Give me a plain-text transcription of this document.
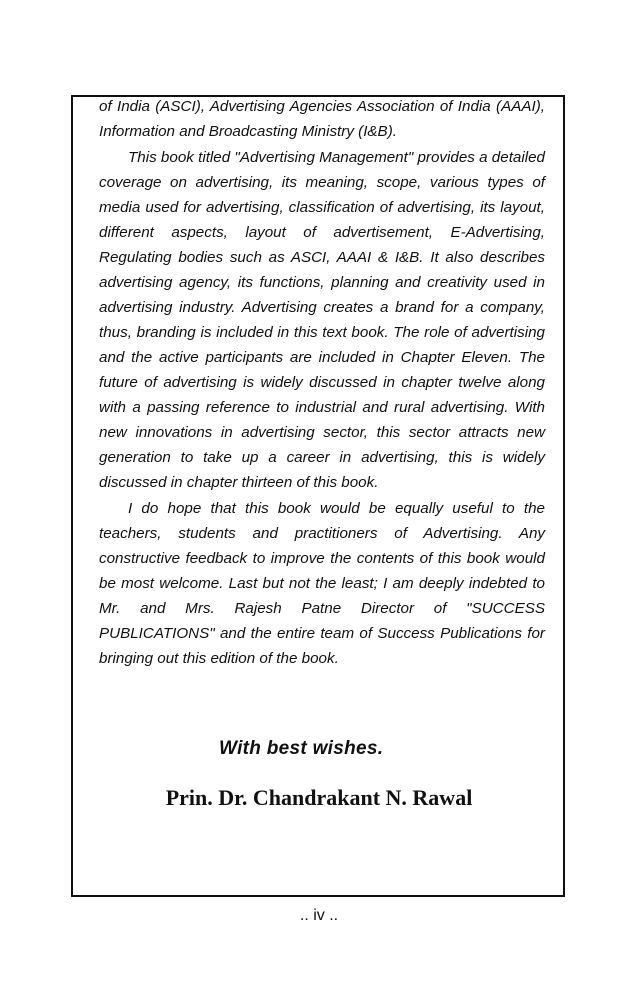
of India (ASCI), Advertising Agencies Association of India (AAAI), Information and Broadcasting Ministry (I&B).

This book titled "Advertising Management" provides a detailed coverage on advertising, its meaning, scope, various types of media used for advertising, classification of advertising, its layout, different aspects, layout of advertisement, E-Advertising, Regulating bodies such as ASCI, AAAI & I&B. It also describes advertising agency, its functions, planning and creativity used in advertising industry. Advertising creates a brand for a company, thus, branding is included in this text book. The role of advertising and the active participants are included in Chapter Eleven. The future of advertising is widely discussed in chapter twelve along with a passing reference to industrial and rural advertising. With new innovations in advertising sector, this sector attracts new generation to take up a career in advertising, this is widely discussed in chapter thirteen of this book.

I do hope that this book would be equally useful to the teachers, students and practitioners of Advertising. Any constructive feedback to improve the contents of this book would be most welcome. Last but not the least; I am deeply indebted to Mr. and Mrs. Rajesh Patne Director of "SUCCESS PUBLICATIONS" and the entire team of Success Publications for bringing out this edition of the book.

With best wishes.
Prin. Dr. Chandrakant N. Rawal
.. iv ..
